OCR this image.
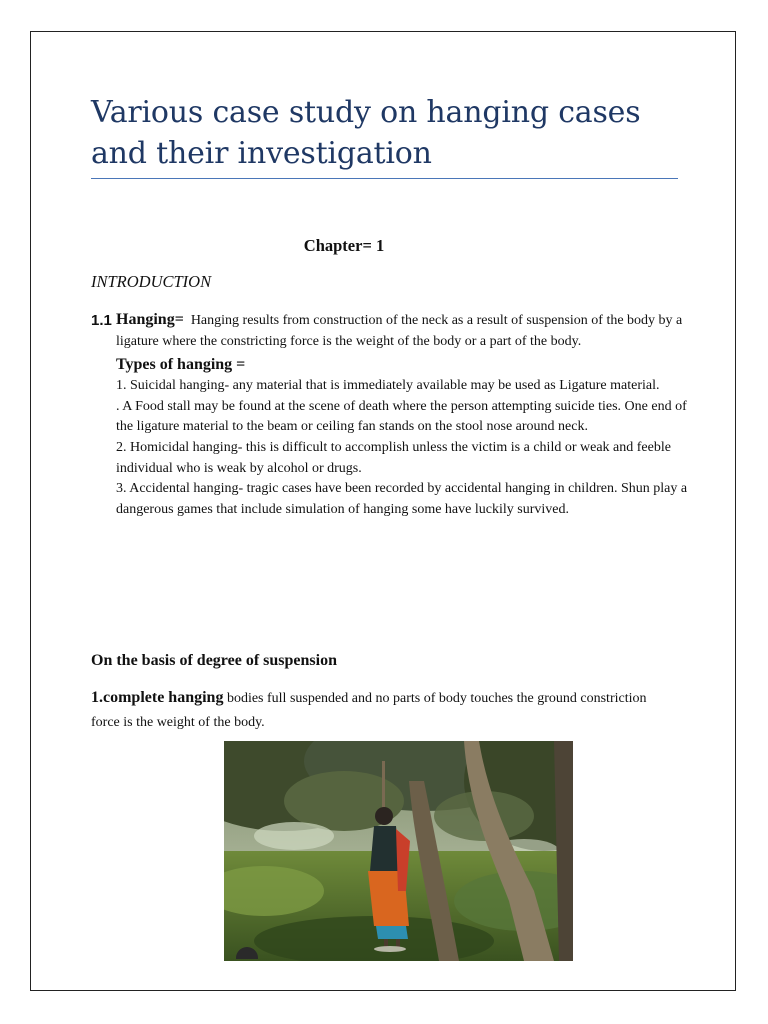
Various case study on hanging cases and their investigation
Chapter= 1
INTRODUCTION
1.1 Hanging= Hanging results from construction of the neck as a result of suspension of the body by a ligature where the constricting force is the weight of the body or a part of the body.
Types of hanging =
1. Suicidal hanging- any material that is immediately available may be used as Ligature material.
. A Food stall may be found at the scene of death where the person attempting suicide ties. One end of the ligature material to the beam or ceiling fan stands on the stool nose around neck.
2. Homicidal hanging- this is difficult to accomplish unless the victim is a child or weak and feeble individual who is weak by alcohol or drugs.
3. Accidental hanging- tragic cases have been recorded by accidental hanging in children. Shun play a dangerous games that include simulation of hanging some have luckily survived.
On the basis of degree of suspension
1.complete hanging bodies full suspended and no parts of body touches the ground constriction force is the weight of the body.
